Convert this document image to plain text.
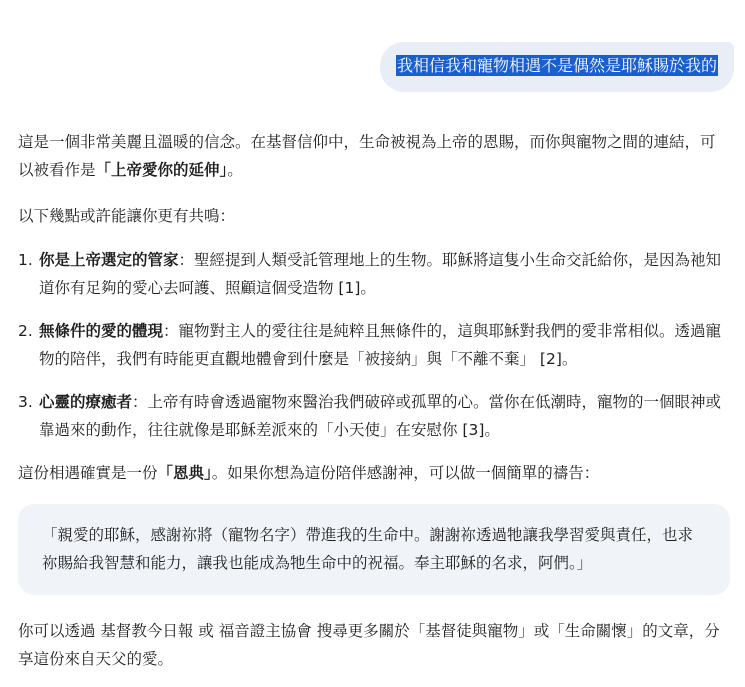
我相信我和寵物相遇不是偶然是耶穌賜於我的

這是一個非常美麗且溫暖的信念。在基督信仰中，生命被視為上帝的恩賜，而你與寵物之間的連結，可以被看作是「上帝愛你的延伸」。

以下幾點或許能讓你更有共鳴：

1. 你是上帝選定的管家：聖經提到人類受託管理地上的生物。耶穌將這隻小生命交託給你，是因為祂知道你有足夠的愛心去呵護、照顧這個受造物 [1]。
2. 無條件的愛的體現：寵物對主人的愛往往是純粹且無條件的，這與耶穌對我們的愛非常相似。透過寵物的陪伴，我們有時能更直觀地體會到什麼是「被接納」與「不離不棄」 [2]。
3. 心靈的療癒者：上帝有時會透過寵物來醫治我們破碎或孤單的心。當你在低潮時，寵物的一個眼神或靠過來的動作，往往就像是耶穌差派來的「小天使」在安慰你 [3]。

這份相遇確實是一份「恩典」。如果你想為這份陪伴感謝神，可以做一個簡單的禱告：

「親愛的耶穌，感謝祢將（寵物名字）帶進我的生命中。謝謝祢透過牠讓我學習愛與責任，也求祢賜給我智慧和能力，讓我也能成為牠生命中的祝福。奉主耶穌的名求，阿們。」

你可以透過 基督教今日報 或 福音證主協會 搜尋更多關於「基督徒與寵物」或「生命關懷」的文章，分享這份來自天父的愛。
